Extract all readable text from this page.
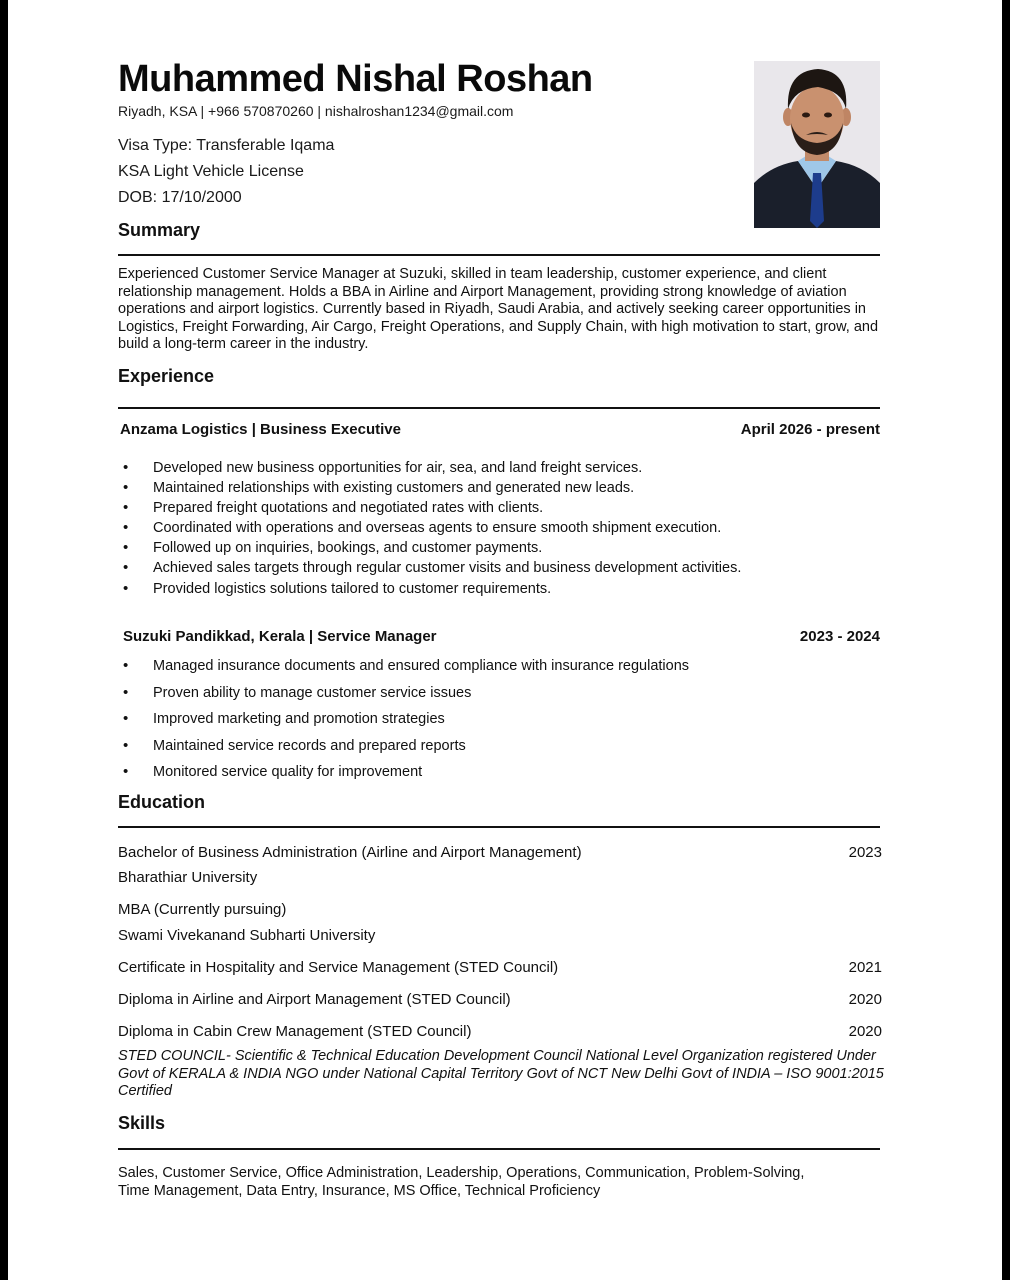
Muhammed Nishal Roshan
Riyadh, KSA | +966 570870260 | nishalroshan1234@gmail.com
Visa Type: Transferable Iqama
KSA Light Vehicle License
DOB: 17/10/2000
Summary
Experienced Customer Service Manager at Suzuki, skilled in team leadership, customer experience, and client relationship management. Holds a BBA in Airline and Airport Management, providing strong knowledge of aviation operations and airport logistics. Currently based in Riyadh, Saudi Arabia, and actively seeking career opportunities in Logistics, Freight Forwarding, Air Cargo, Freight Operations, and Supply Chain, with high motivation to start, grow, and build a long-term career in the industry.
Experience
Anzama Logistics | Business Executive	April 2026 - present
• Developed new business opportunities for air, sea, and land freight services.
• Maintained relationships with existing customers and generated new leads.
• Prepared freight quotations and negotiated rates with clients.
• Coordinated with operations and overseas agents to ensure smooth shipment execution.
• Followed up on inquiries, bookings, and customer payments.
• Achieved sales targets through regular customer visits and business development activities.
• Provided logistics solutions tailored to customer requirements.
Suzuki Pandikkad, Kerala | Service Manager	2023 - 2024
• Managed insurance documents and ensured compliance with insurance regulations
• Proven ability to manage customer service issues
• Improved marketing and promotion strategies
• Maintained service records and prepared reports
• Monitored service quality for improvement
Education
Bachelor of Business Administration (Airline and Airport Management)	2023
Bharathiar University
MBA (Currently pursuing)
Swami Vivekanand Subharti University
Certificate in Hospitality and Service Management (STED Council)	2021
Diploma in Airline and Airport Management (STED Council)	2020
Diploma in Cabin Crew Management (STED Council)	2020
STED COUNCIL- Scientific & Technical Education Development Council National Level Organization registered Under Govt of KERALA & INDIA NGO under National Capital Territory Govt of NCT New Delhi Govt of INDIA – ISO 9001:2015 Certified
Skills
Sales, Customer Service, Office Administration, Leadership, Operations, Communication, Problem-Solving, Time Management, Data Entry, Insurance, MS Office, Technical Proficiency
